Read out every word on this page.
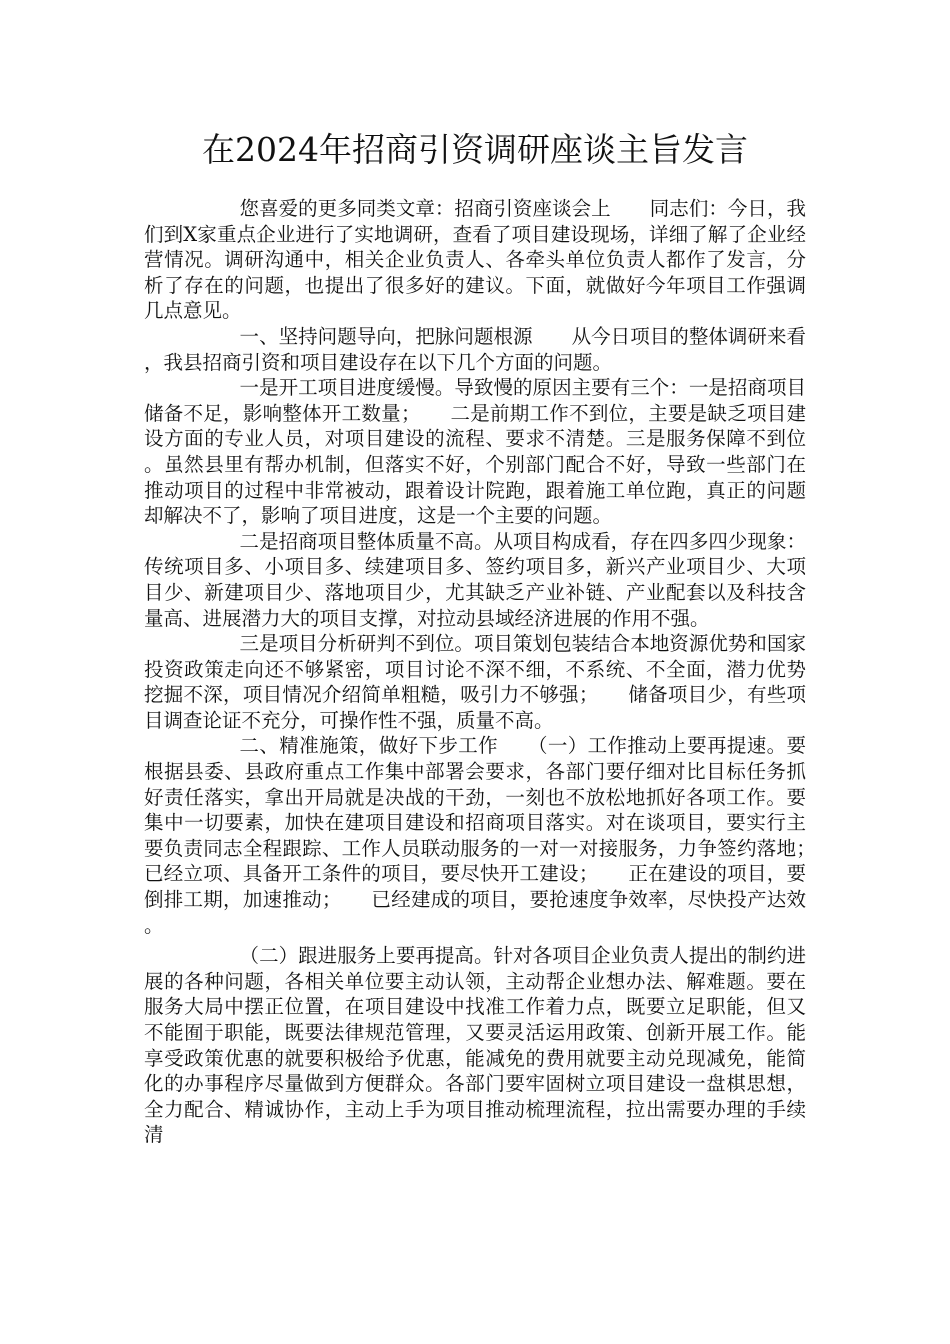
在2024年招商引资调研座谈主旨发言

您喜爱的更多同类文章：招商引资座谈会上　　同志们：今日，我们到X家重点企业进行了实地调研，查看了项目建设现场，详细了解了企业经营情况。调研沟通中，相关企业负责人、各牵头单位负责人都作了发言，分析了存在的问题，也提出了很多好的建议。下面，就做好今年项目工作强调几点意见。

一、坚持问题导向，把脉问题根源　　从今日项目的整体调研来看，我县招商引资和项目建设存在以下几个方面的问题。

一是开工项目进度缓慢。导致慢的原因主要有三个：一是招商项目储备不足，影响整体开工数量；　　二是前期工作不到位，主要是缺乏项目建设方面的专业人员，对项目建设的流程、要求不清楚。三是服务保障不到位。虽然县里有帮办机制，但落实不好，个别部门配合不好，导致一些部门在推动项目的过程中非常被动，跟着设计院跑，跟着施工单位跑，真正的问题却解决不了，影响了项目进度，这是一个主要的问题。

二是招商项目整体质量不高。从项目构成看，存在四多四少现象：传统项目多、小项目多、续建项目多、签约项目多，新兴产业项目少、大项目少、新建项目少、落地项目少，尤其缺乏产业补链、产业配套以及科技含量高、进展潜力大的项目支撑，对拉动县域经济进展的作用不强。

三是项目分析研判不到位。项目策划包装结合本地资源优势和国家投资政策走向还不够紧密，项目讨论不深不细，不系统、不全面，潜力优势挖掘不深，项目情况介绍简单粗糙，吸引力不够强；　　储备项目少，有些项目调查论证不充分，可操作性不强，质量不高。

二、精准施策，做好下步工作　　（一）工作推动上要再提速。要根据县委、县政府重点工作集中部署会要求，各部门要仔细对比目标任务抓好责任落实，拿出开局就是决战的干劲，一刻也不放松地抓好各项工作。要集中一切要素，加快在建项目建设和招商项目落实。对在谈项目，要实行主要负责同志全程跟踪、工作人员联动服务的一对一对接服务，力争签约落地；　　已经立项、具备开工条件的项目，要尽快开工建设；　　正在建设的项目，要倒排工期，加速推动；　　已经建成的项目，要抢速度争效率，尽快投产达效。

（二）跟进服务上要再提高。针对各项目企业负责人提出的制约进展的各种问题，各相关单位要主动认领，主动帮企业想办法、解难题。要在服务大局中摆正位置，在项目建设中找准工作着力点，既要立足职能，但又不能囿于职能，既要法律规范管理，又要灵活运用政策、创新开展工作。能享受政策优惠的就要积极给予优惠，能减免的费用就要主动兑现减免，能简化的办事程序尽量做到方便群众。各部门要牢固树立项目建设一盘棋思想，全力配合、精诚协作，主动上手为项目推动梳理流程，拉出需要办理的手续清
